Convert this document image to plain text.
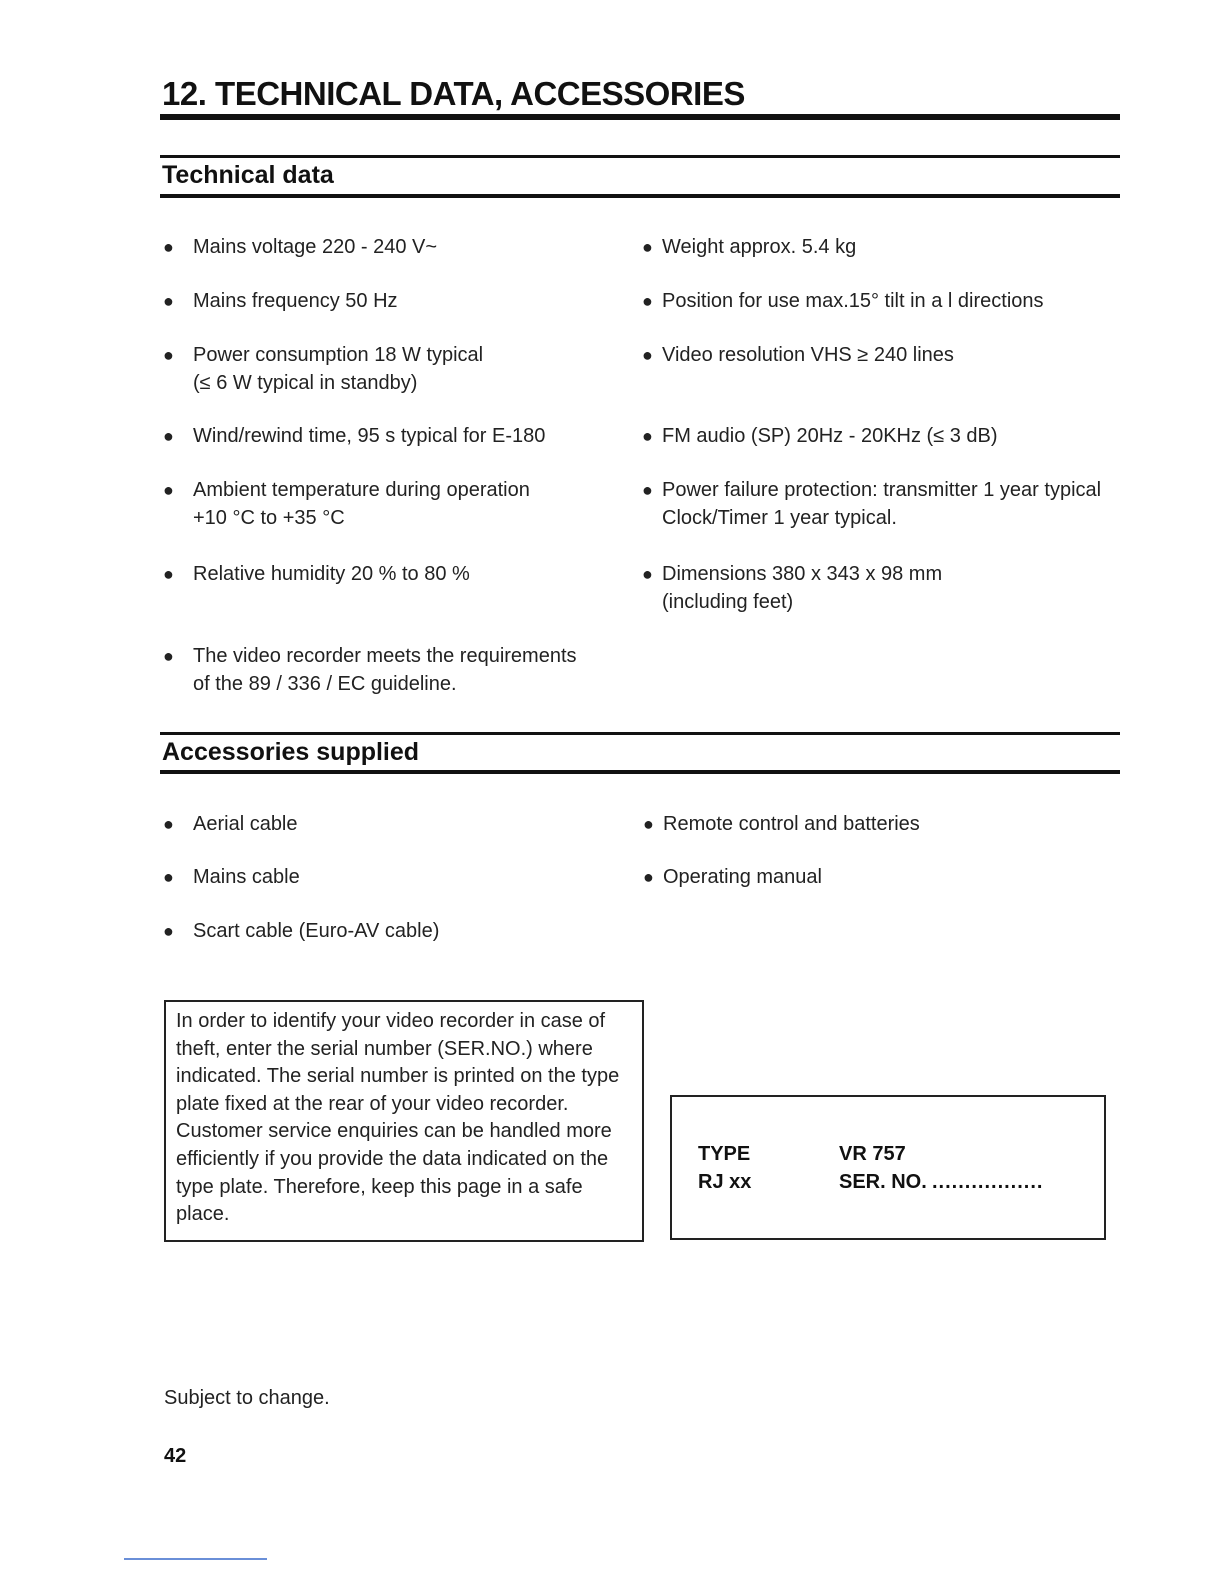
12. TECHNICAL DATA, ACCESSORIES
Technical data
● Mains voltage 220 - 240 V~

● Mains frequency 50 Hz

● Power consumption 18 W typical

(≤ 6 W typical in standby)

● Wind/rewind time, 95 s typical for E-180

● Ambient temperature during operation

+10 °C to +35 °C

● Relative humidity 20 % to 80 %

● The video recorder meets the requirements

of the 89 / 336 / EC guideline.

● Weight approx. 5.4 kg

● Position for use max.15° tilt in a l directions

● Video resolution VHS ≥ 240 lines

● FM audio (SP) 20Hz - 20KHz (≤ 3 dB)

● Power failure protection: transmitter 1 year typical

Clock/Timer 1 year typical.

● Dimensions 380 x 343 x 98 mm

(including feet)

Accessories supplied
● Aerial cable

● Mains cable

● Scart cable (Euro-AV cable)

● Remote control and batteries

● Operating manual

In order to identify your video recorder in case of
theft, enter the serial number (SER.NO.) where
indicated. The serial number is printed on the type
plate fixed at the rear of your video recorder.
Customer service enquiries can be handled more
efficiently if you provide the data indicated on the
type plate. Therefore, keep this page in a safe
place.
TYPE	VR 757
RJ xx	SER. NO. .................
Subject to change.
42
